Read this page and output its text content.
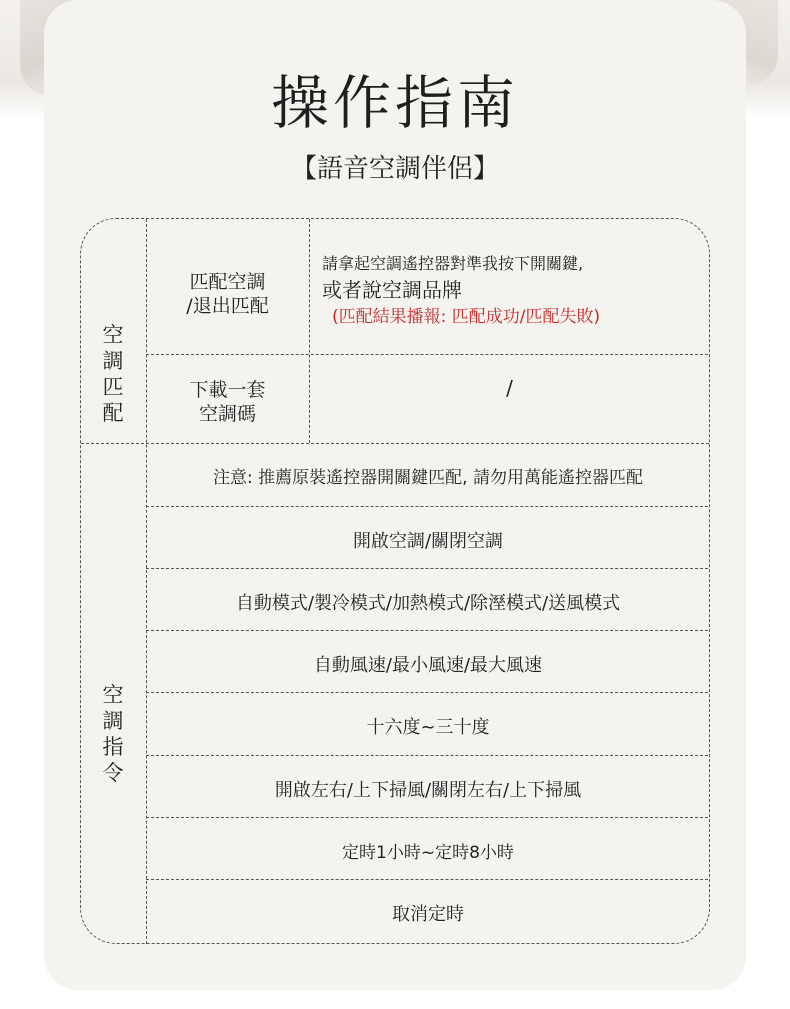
操作指南
【語音空調伴侶】
空
調
匹
配
空
調
指
令
匹配空調
/退出匹配
請拿起空調遙控器對準我按下開關鍵,
或者說空調品牌
(匹配結果播報: 匹配成功/匹配失敗)
下載一套
空調碼
/
注意: 推薦原裝遙控器開關鍵匹配, 請勿用萬能遙控器匹配
開啟空調/關閉空調
自動模式/製冷模式/加熱模式/除溼模式/送風模式
自動風速/最小風速/最大風速
十六度~三十度
開啟左右/上下掃風/關閉左右/上下掃風
定時1小時~定時8小時
取消定時
